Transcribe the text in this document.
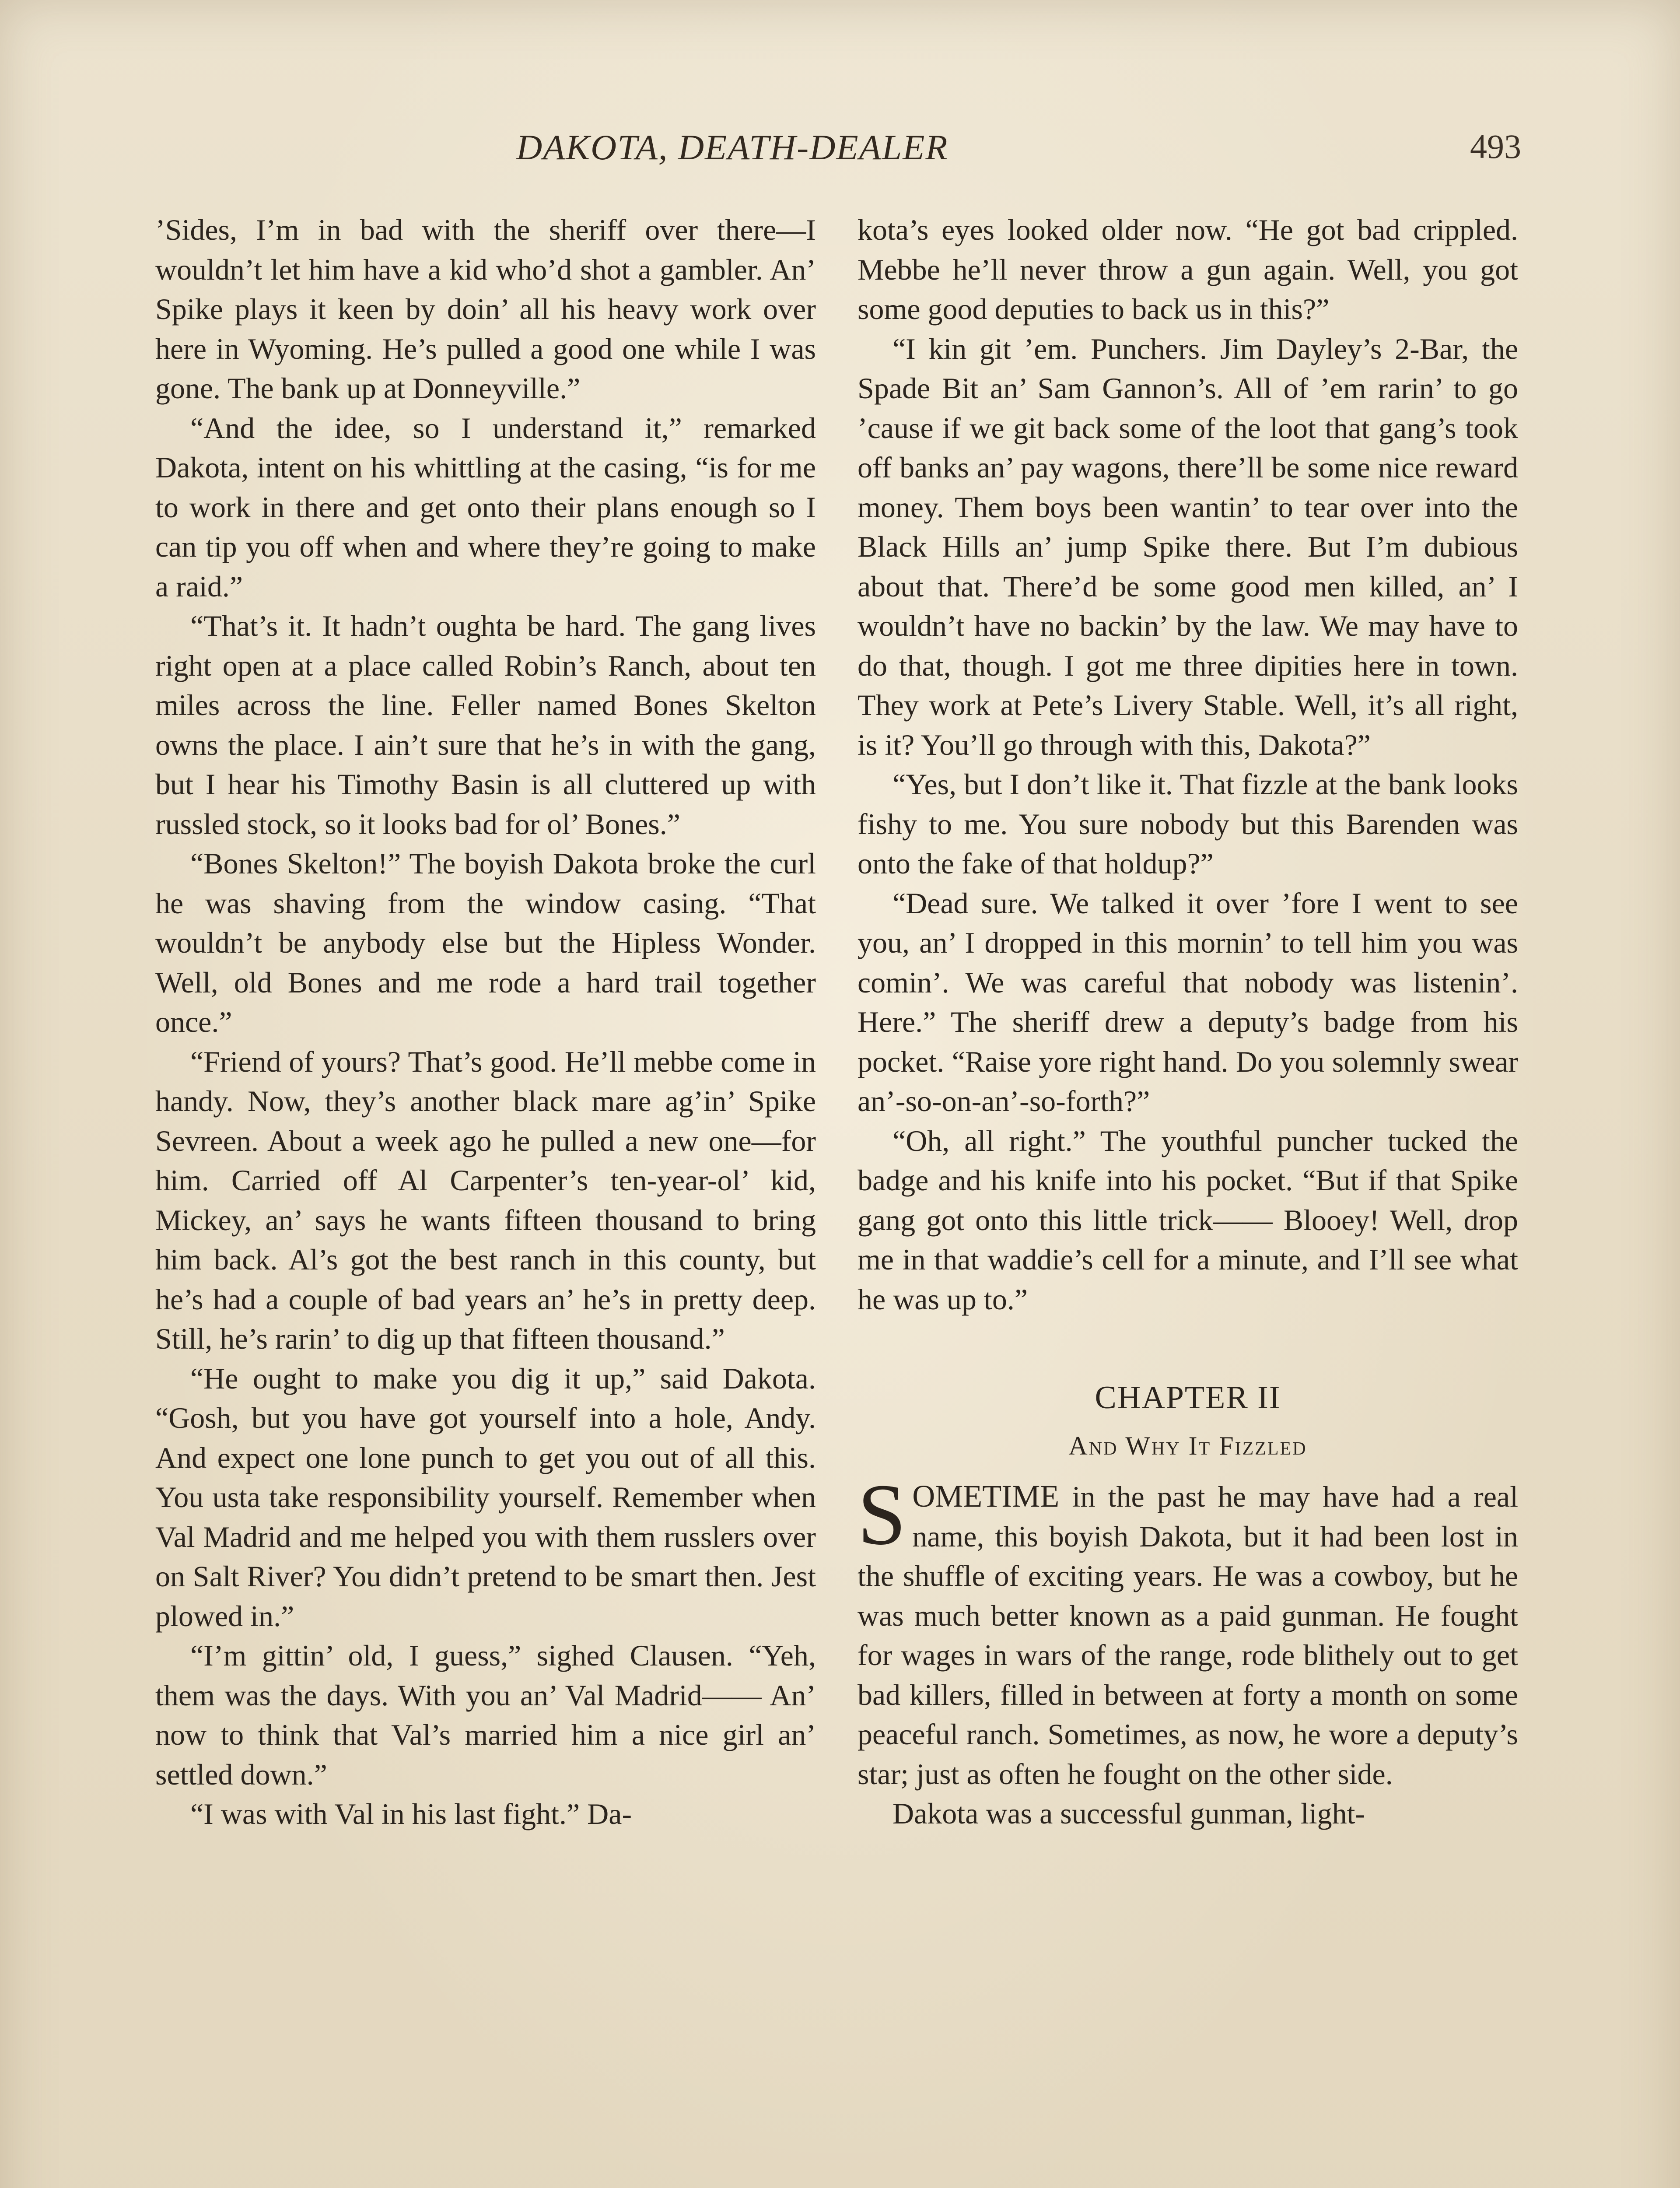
DAKOTA, DEATH-DEALER	493

’Sides, I’m in bad with the sheriff over there—I wouldn’t let him have a kid who’d shot a gambler. An’ Spike plays it keen by doin’ all his heavy work over here in Wyoming. He’s pulled a good one while I was gone. The bank up at Donneyville.”

“And the idee, so I understand it,” remarked Dakota, intent on his whittling at the casing, “is for me to work in there and get onto their plans enough so I can tip you off when and where they’re going to make a raid.”

“That’s it. It hadn’t oughta be hard. The gang lives right open at a place called Robin’s Ranch, about ten miles across the line. Feller named Bones Skelton owns the place. I ain’t sure that he’s in with the gang, but I hear his Timothy Basin is all cluttered up with russled stock, so it looks bad for ol’ Bones.”

“Bones Skelton!” The boyish Dakota broke the curl he was shaving from the window casing. “That wouldn’t be anybody else but the Hipless Wonder. Well, old Bones and me rode a hard trail together once.”

“Friend of yours? That’s good. He’ll mebbe come in handy. Now, they’s another black mare ag’in’ Spike Sevreen. About a week ago he pulled a new one—for him. Carried off Al Carpenter’s ten-year-ol’ kid, Mickey, an’ says he wants fifteen thousand to bring him back. Al’s got the best ranch in this county, but he’s had a couple of bad years an’ he’s in pretty deep. Still, he’s rarin’ to dig up that fifteen thousand.”

“He ought to make you dig it up,” said Dakota. “Gosh, but you have got yourself into a hole, Andy. And expect one lone punch to get you out of all this. You usta take responsibility yourself. Remember when Val Madrid and me helped you with them russlers over on Salt River? You didn’t pretend to be smart then. Jest plowed in.”

“I’m gittin’ old, I guess,” sighed Clausen. “Yeh, them was the days. With you an’ Val Madrid—— An’ now to think that Val’s married him a nice girl an’ settled down.”

“I was with Val in his last fight.” Da-

kota’s eyes looked older now. “He got bad crippled. Mebbe he’ll never throw a gun again. Well, you got some good deputies to back us in this?”

“I kin git ’em. Punchers. Jim Dayley’s 2-Bar, the Spade Bit an’ Sam Gannon’s. All of ’em rarin’ to go ’cause if we git back some of the loot that gang’s took off banks an’ pay wagons, there’ll be some nice reward money. Them boys been wantin’ to tear over into the Black Hills an’ jump Spike there. But I’m dubious about that. There’d be some good men killed, an’ I wouldn’t have no backin’ by the law. We may have to do that, though. I got me three dipities here in town. They work at Pete’s Livery Stable. Well, it’s all right, is it? You’ll go through with this, Dakota?”

“Yes, but I don’t like it. That fizzle at the bank looks fishy to me. You sure nobody but this Barenden was onto the fake of that holdup?”

“Dead sure. We talked it over ’fore I went to see you, an’ I dropped in this mornin’ to tell him you was comin’. We was careful that nobody was listenin’. Here.” The sheriff drew a deputy’s badge from his pocket. “Raise yore right hand. Do you solemnly swear an’-so-on-an’-so-forth?”

“Oh, all right.” The youthful puncher tucked the badge and his knife into his pocket. “But if that Spike gang got onto this little trick—— Blooey! Well, drop me in that waddie’s cell for a minute, and I’ll see what he was up to.”

CHAPTER II
And Why It Fizzled

SOMETIME in the past he may have had a real name, this boyish Dakota, but it had been lost in the shuffle of exciting years. He was a cowboy, but he was much better known as a paid gunman. He fought for wages in wars of the range, rode blithely out to get bad killers, filled in between at forty a month on some peaceful ranch. Sometimes, as now, he wore a deputy’s star; just as often he fought on the other side.

Dakota was a successful gunman, light-
